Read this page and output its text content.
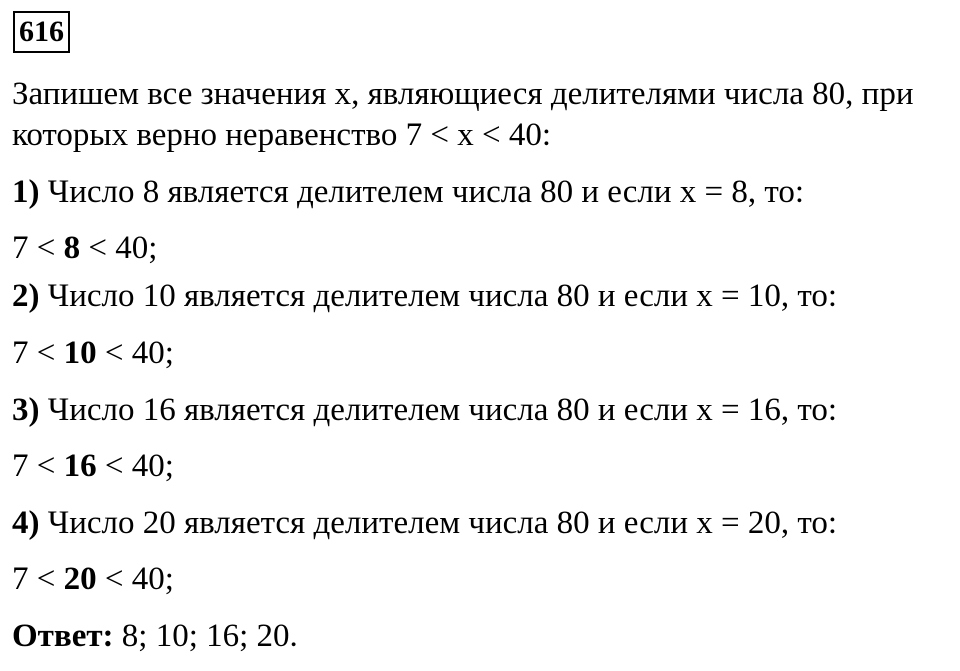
616
Запишем все значения x, являющиеся делителями числа 80, при
которых верно неравенство 7 < x < 40:
1) Число 8 является делителем числа 80 и если x = 8, то:
7 < 8 < 40;
2) Число 10 является делителем числа 80 и если x = 10, то:
7 < 10 < 40;
3) Число 16 является делителем числа 80 и если x = 16, то:
7 < 16 < 40;
4) Число 20 является делителем числа 80 и если x = 20, то:
7 < 20 < 40;
Ответ: 8; 10; 16; 20.
